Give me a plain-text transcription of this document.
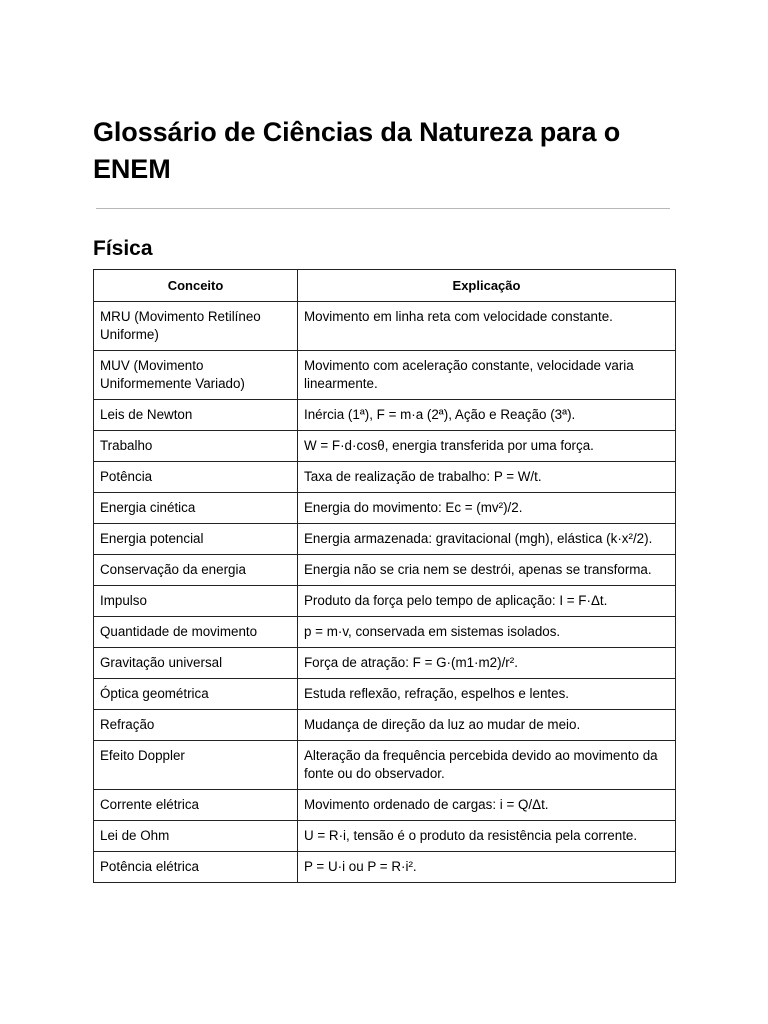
Glossário de Ciências da Natureza para o ENEM
Física
Conceito	Explicação
MRU (Movimento Retilíneo Uniforme)	Movimento em linha reta com velocidade constante.
MUV (Movimento Uniformemente Variado)	Movimento com aceleração constante, velocidade varia linearmente.
Leis de Newton	Inércia (1ª), F = m·a (2ª), Ação e Reação (3ª).
Trabalho	W = F·d·cosθ, energia transferida por uma força.
Potência	Taxa de realização de trabalho: P = W/t.
Energia cinética	Energia do movimento: Ec = (mv²)/2.
Energia potencial	Energia armazenada: gravitacional (mgh), elástica (k·x²/2).
Conservação da energia	Energia não se cria nem se destrói, apenas se transforma.
Impulso	Produto da força pelo tempo de aplicação: I = F·Δt.
Quantidade de movimento	p = m·v, conservada em sistemas isolados.
Gravitação universal	Força de atração: F = G·(m1·m2)/r².
Óptica geométrica	Estuda reflexão, refração, espelhos e lentes.
Refração	Mudança de direção da luz ao mudar de meio.
Efeito Doppler	Alteração da frequência percebida devido ao movimento da fonte ou do observador.
Corrente elétrica	Movimento ordenado de cargas: i = Q/Δt.
Lei de Ohm	U = R·i, tensão é o produto da resistência pela corrente.
Potência elétrica	P = U·i ou P = R·i².
